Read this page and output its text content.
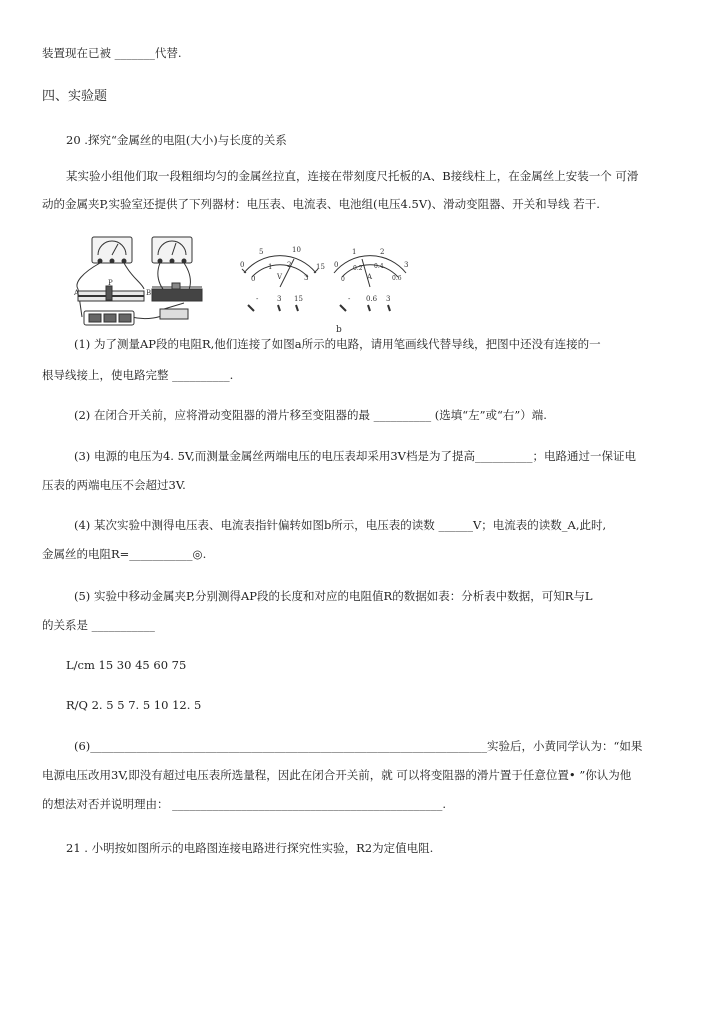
装置现在已被 _______代替.
四、实验题
20 .探究“金属丝的电阻(大小)与长度的关系
某实验小组他们取一段粗细均匀的金属丝拉直，连接在带刻度尺托板的A、B接线柱上，在金属丝上安装一个 可滑
动的金属夹P,实验室还提供了下列器材：电压表、电流表、电池组(电压4.5V)、滑动变阻器、开关和导线 若干.
P
A	B
0
5	10
15
0
1 2
3
V
-	3 15
0
1	2
3
0
0.2 0.4
0.6
A
- 0.6 3
b
(1) 为了测量AP段的电阻R,他们连接了如图a所示的电路，请用笔画线代替导线，把图中还没有连接的一
根导线接上，使电路完整 __________.
(2) 在闭合开关前，应将滑动变阻器的滑片移至变阻器的最 __________ (选填“左”或“右”）端.
(3) 电源的电压为4. 5V,而测量金属丝两端电压的电压表却采用3V档是为了提高__________；电路通过一保证电
压表的两端电压不会超过3V.
(4) 某次实验中测得电压表、电流表指针偏转如图b所示，电压表的读数 ______V；电流表的读数_A,此时,
金属丝的电阻R=___________◎.
(5) 实验中移动金属夹P,分别测得AP段的长度和对应的电阻值R的数据如表：分析表中数据，可知R与L
的关系是 ___________
L/cm 15 30 45 60 75
R/Q 2. 5 5 7. 5 10 12. 5
(6)_____________________________________________________________________实验后，小黄同学认为：“如果
电源电压改用3V,即没有超过电压表所选量程，因此在闭合开关前，就 可以将变阻器的滑片置于任意位置• ”你认为他
的想法对否并说明理由： _______________________________________________.
21 . 小明按如图所示的电路图连接电路进行探究性实验，R2为定值电阻.
